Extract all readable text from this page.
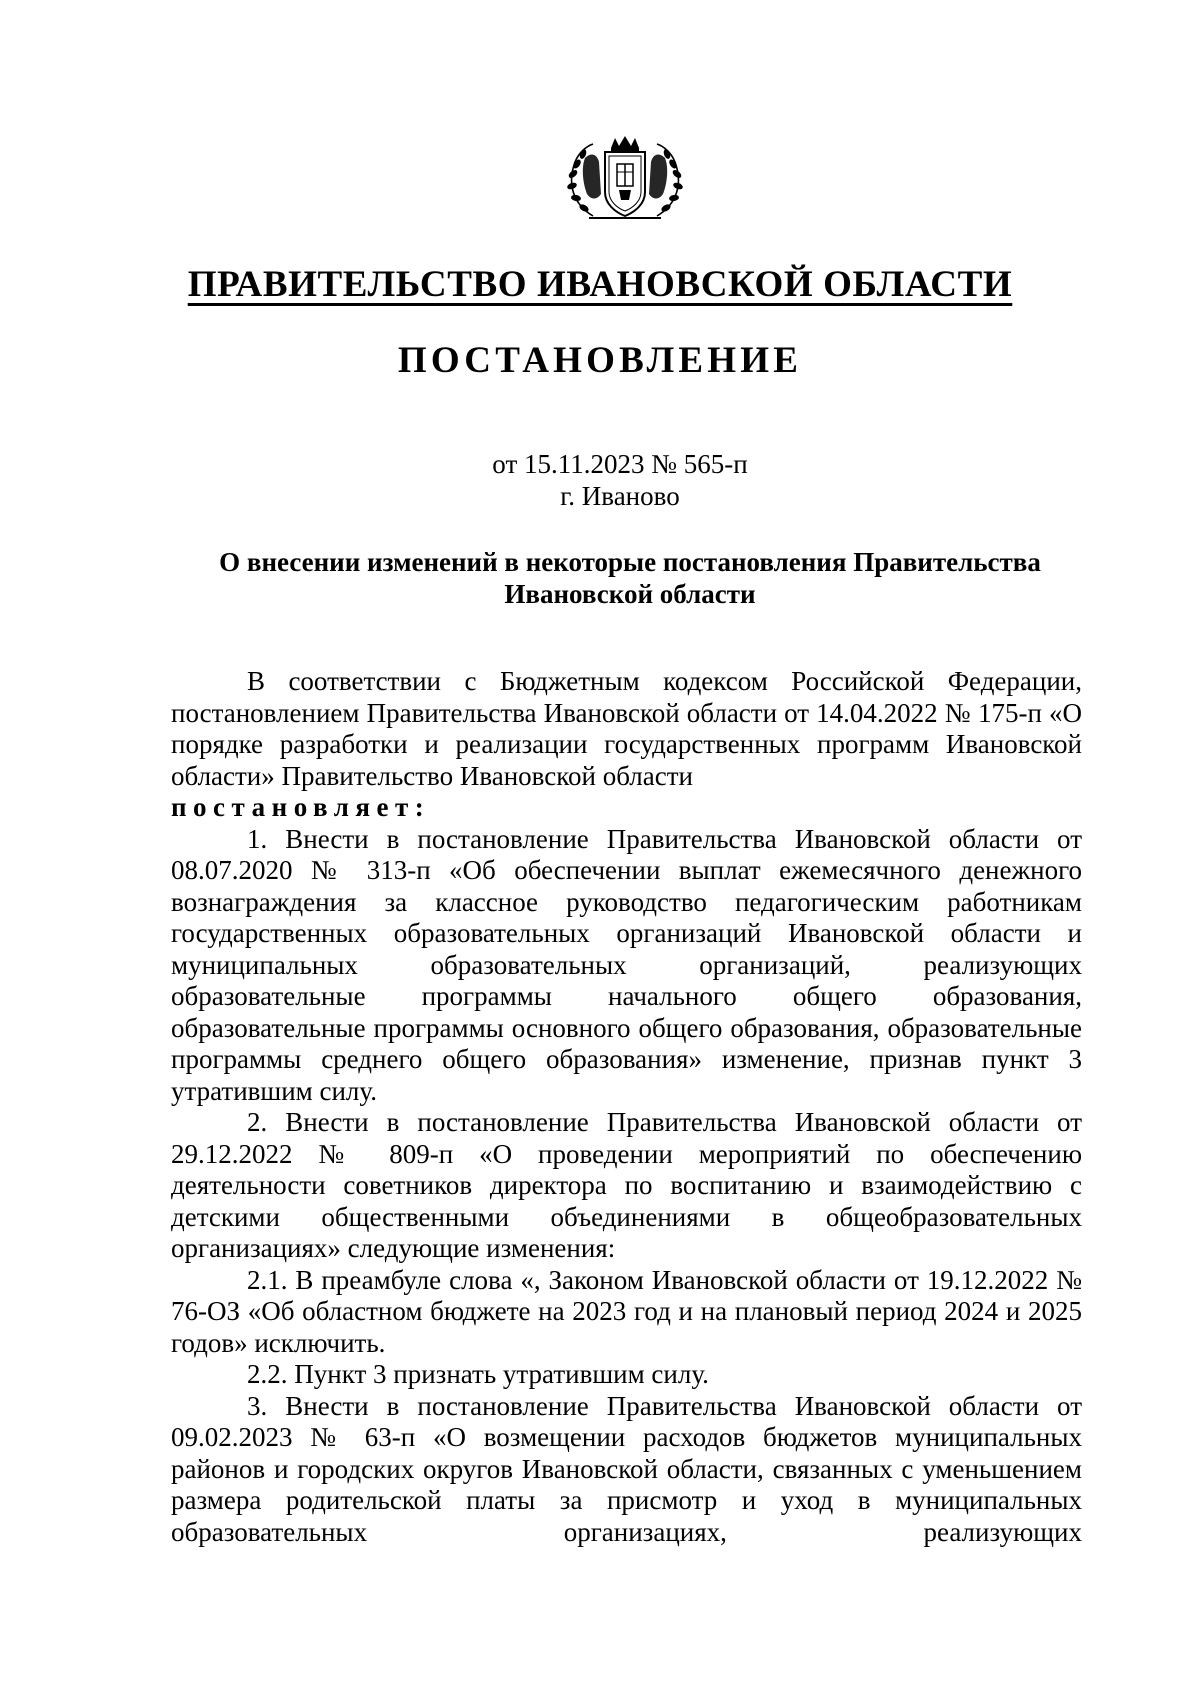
ПРАВИТЕЛЬСТВО ИВАНОВСКОЙ ОБЛАСТИ
ПОСТАНОВЛЕНИЕ
от 15.11.2023 № 565-п
г. Иваново
О внесении изменений в некоторые постановления Правительства Ивановской области

В соответствии с Бюджетным кодексом Российской Федерации, постановлением Правительства Ивановской области от 14.04.2022 № 175-п «О порядке разработки и реализации государственных программ Ивановской области» Правительство Ивановской области

постановляет:

1. Внести в постановление Правительства Ивановской области от 08.07.2020 № 313-п «Об обеспечении выплат ежемесячного денежного вознаграждения за классное руководство педагогическим работникам государственных образовательных организаций Ивановской области и муниципальных образовательных организаций, реализующих образовательные программы начального общего образования, образовательные программы основного общего образования, образовательные программы среднего общего образования» изменение, признав пункт 3 утратившим силу.

2. Внести в постановление Правительства Ивановской области от 29.12.2022 № 809-п «О проведении мероприятий по обеспечению деятельности советников директора по воспитанию и взаимодействию с детскими общественными объединениями в общеобразовательных организациях» следующие изменения:

2.1. В преамбуле слова «, Законом Ивановской области от 19.12.2022 № 76-ОЗ «Об областном бюджете на 2023 год и на плановый период 2024 и 2025 годов» исключить.

2.2. Пункт 3 признать утратившим силу.

3. Внести в постановление Правительства Ивановской области от 09.02.2023 № 63-п «О возмещении расходов бюджетов муниципальных районов и городских округов Ивановской области, связанных с уменьшением размера родительской платы за присмотр и уход в муниципальных образовательных организациях, реализующих
